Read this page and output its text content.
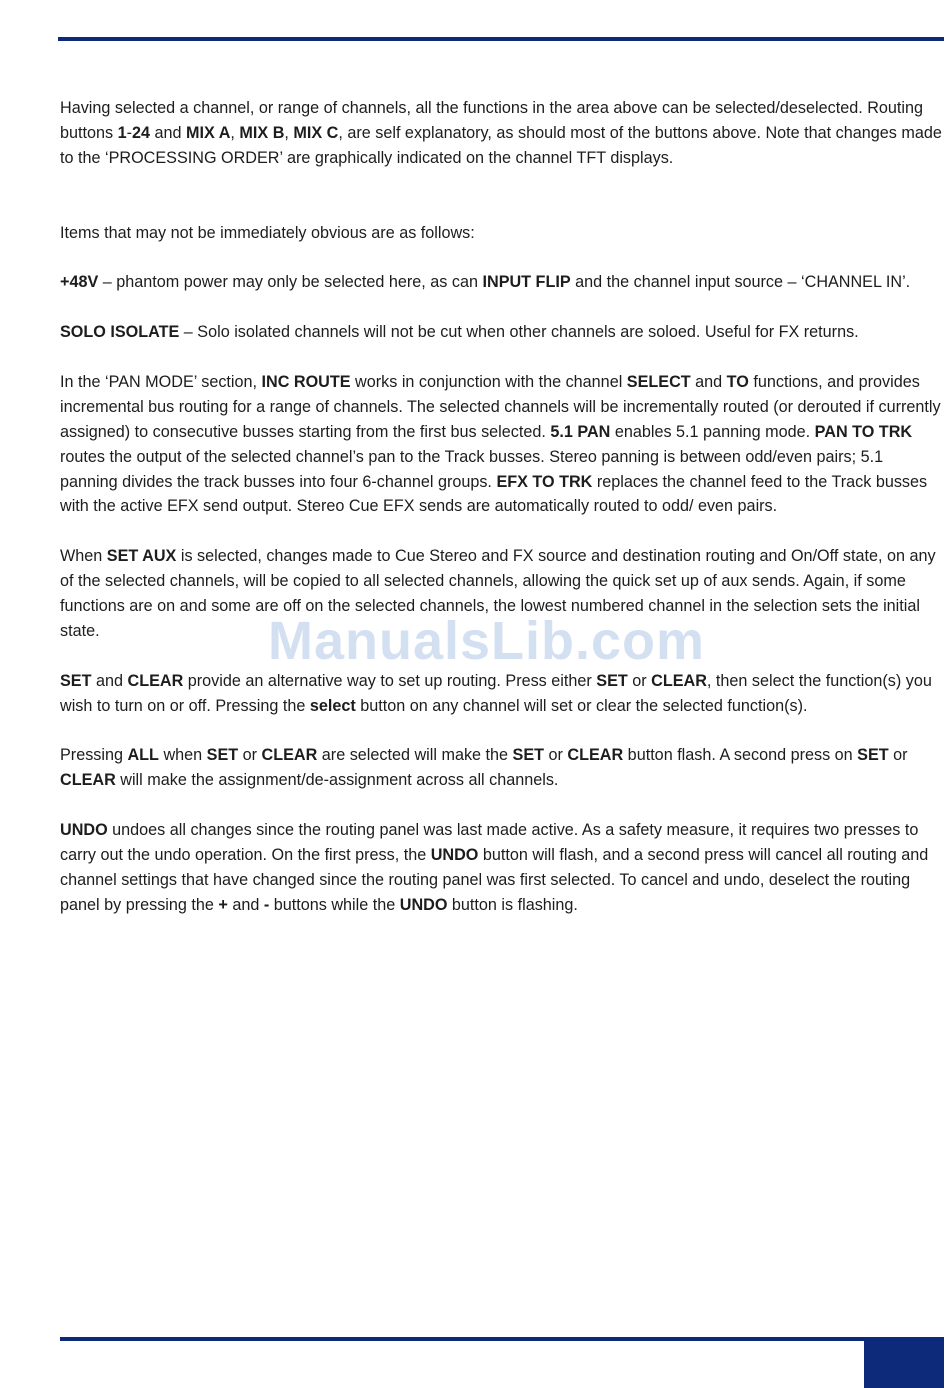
Having selected a channel, or range of channels, all the functions in the area above can be selected/deselected. Routing buttons 1-24 and MIX A, MIX B, MIX C, are self explanatory, as should most of the buttons above. Note that changes made to the ‘PROCESSING ORDER’ are graphically indicated on the channel TFT displays.

Items that may not be immediately obvious are as follows:

+48V – phantom power may only be selected here, as can INPUT FLIP and the channel input source – ‘CHANNEL IN’.

SOLO ISOLATE – Solo isolated channels will not be cut when other channels are soloed. Useful for FX returns.

In the ‘PAN MODE’ section, INC ROUTE works in conjunction with the channel SELECT and TO functions, and provides incremental bus routing for a range of channels. The selected channels will be incrementally routed (or derouted if currently assigned) to consecutive busses starting from the first bus selected. 5.1 PAN enables 5.1 panning mode. PAN TO TRK routes the output of the selected channel’s pan to the Track busses. Stereo panning is between odd/even pairs; 5.1 panning divides the track busses into four 6-channel groups. EFX TO TRK replaces the channel feed to the Track busses with the active EFX send output. Stereo Cue EFX sends are automatically routed to odd/ even pairs.

When SET AUX is selected, changes made to Cue Stereo and FX source and destination routing and On/Off state, on any of the selected channels, will be copied to all selected channels, allowing the quick set up of aux sends. Again, if some functions are on and some are off on the selected channels, the lowest numbered channel in the selection sets the initial state.

SET and CLEAR provide an alternative way to set up routing. Press either SET or CLEAR, then select the function(s) you wish to turn on or off. Pressing the select button on any channel will set or clear the selected function(s).

Pressing ALL when SET or CLEAR are selected will make the SET or CLEAR button flash. A second press on SET or CLEAR will make the assignment/de-assignment across all channels.

UNDO undoes all changes since the routing panel was last made active. As a safety measure, it requires two presses to carry out the undo operation. On the first press, the UNDO button will flash, and a second press will cancel all routing and channel settings that have changed since the routing panel was first selected. To cancel and undo, deselect the routing panel by pressing the + and - buttons while the UNDO button is flashing.

ManualsLib.com
